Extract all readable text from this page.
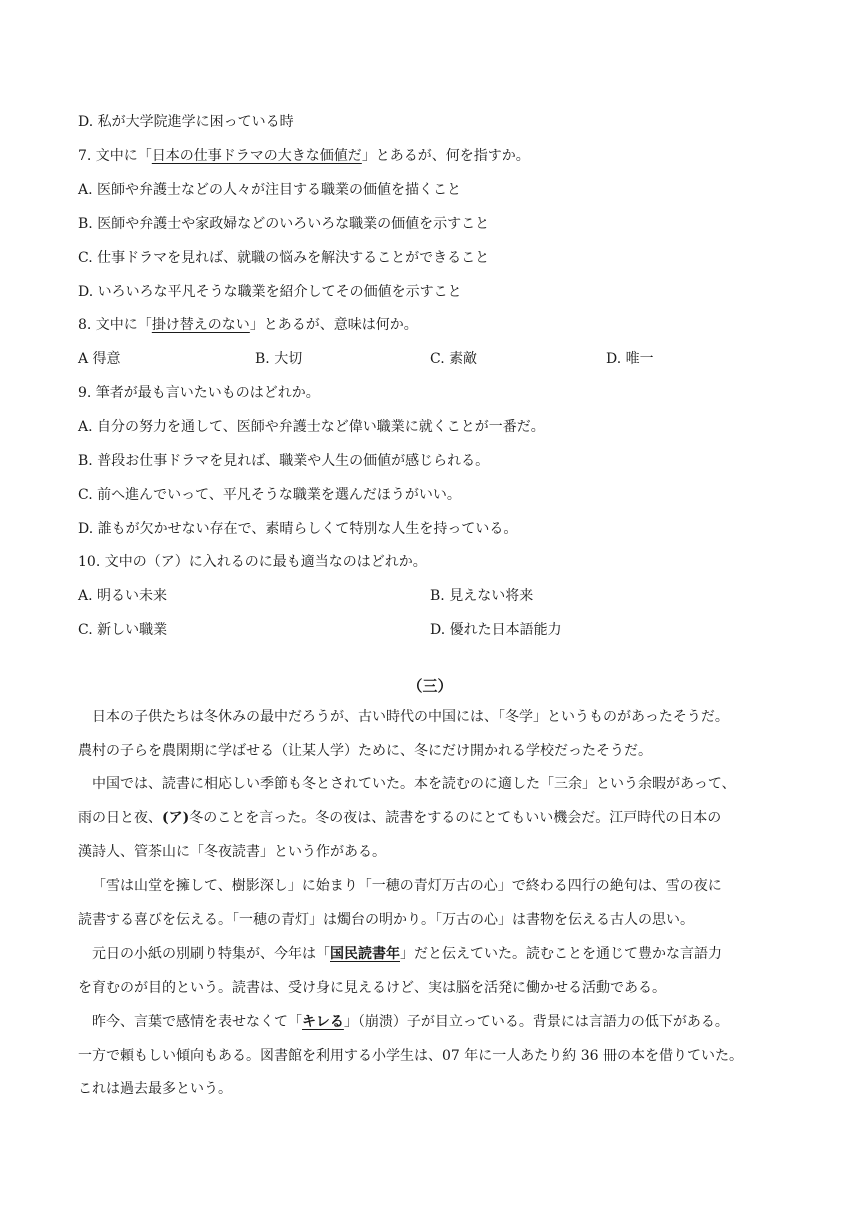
D. 私が大学院進学に困っている時
7. 文中に「日本の仕事ドラマの大きな価値だ」とあるが、何を指すか。
A. 医師や弁護士などの人々が注目する職業の価値を描くこと
B. 医師や弁護士や家政婦などのいろいろな職業の価値を示すこと
C. 仕事ドラマを見れば、就職の悩みを解決することができること
D. いろいろな平凡そうな職業を紹介してその価値を示すこと
8. 文中に「掛け替えのない」とあるが、意味は何か。
A 得意	B. 大切	C. 素敵	D. 唯一
9. 筆者が最も言いたいものはどれか。
A. 自分の努力を通して、医師や弁護士など偉い職業に就くことが一番だ。
B. 普段お仕事ドラマを見れば、職業や人生の価値が感じられる。
C. 前へ進んでいって、平凡そうな職業を選んだほうがいい。
D. 誰もが欠かせない存在で、素晴らしくて特別な人生を持っている。
10. 文中の（ア）に入れるのに最も適当なのはどれか。
A. 明るい未来	B. 見えない将来
C. 新しい職業	D. 優れた日本語能力
（三）
日本の子供たちは冬休みの最中だろうが、古い時代の中国には、「冬学」というものがあったそうだ。
農村の子らを農閑期に学ばせる（让某人学）ために、冬にだけ開かれる学校だったそうだ。
中国では、読書に相応しい季節も冬とされていた。本を読むのに適した「三余」という余暇があって、
雨の日と夜、(ア)冬のことを言った。冬の夜は、読書をするのにとてもいい機会だ。江戸時代の日本の
漢詩人、管茶山に「冬夜読書」という作がある。
「雪は山堂を擁して、樹影深し」に始まり「一穂の青灯万古の心」で終わる四行の絶句は、雪の夜に
読書する喜びを伝える。「一穂の青灯」は燭台の明かり。「万古の心」は書物を伝える古人の思い。
元日の小紙の別刷り特集が、今年は「国民読書年」だと伝えていた。読むことを通じて豊かな言語力
を育むのが目的という。読書は、受け身に見えるけど、実は脳を活発に働かせる活動である。
昨今、言葉で感情を表せなくて「キレる」（崩溃）子が目立っている。背景には言語力の低下がある。
一方で頼もしい傾向もある。図書館を利用する小学生は、07 年に一人あたり約 36 冊の本を借りていた。
これは過去最多という。
